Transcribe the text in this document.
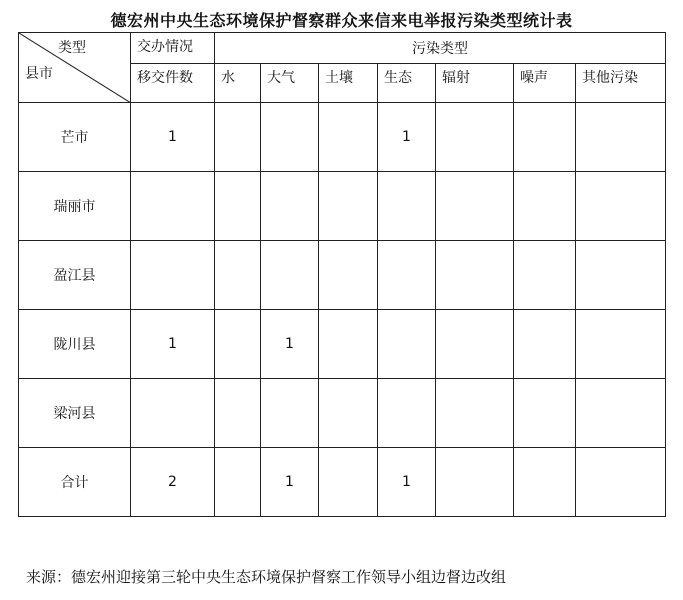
德宏州中央生态环境保护督察群众来信来电举报污染类型统计表
类型
县市	交办情况	污染类型						
	移交件数	水	大气	土壤	生态	辐射	噪声	其他污染
芒市	1				1			
瑞丽市								
盈江县								
陇川县	1		1					
梁河县								
合计	2		1		1			
来源：德宏州迎接第三轮中央生态环境保护督察工作领导小组边督边改组
